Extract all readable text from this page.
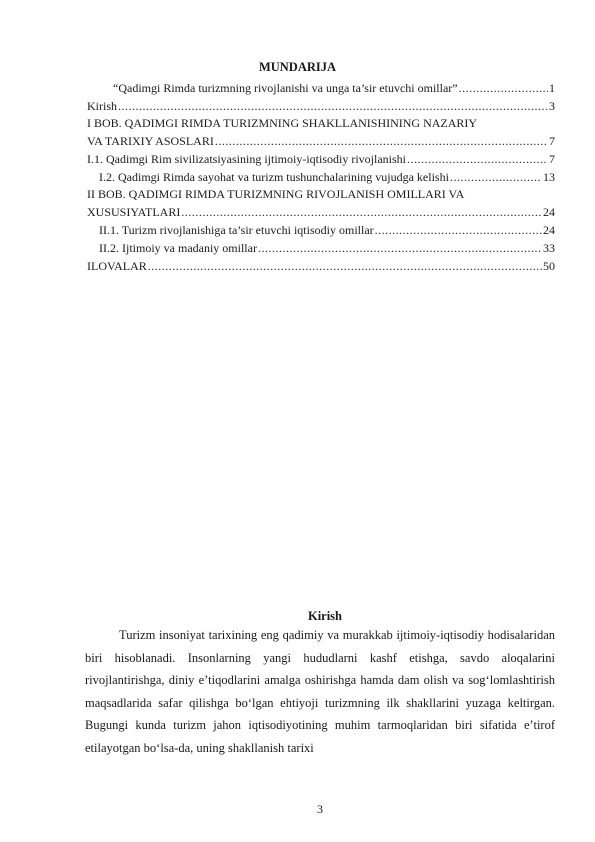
MUNDARIJA
“Qadimgi Rimda turizmning rivojlanishi va unga ta’sir etuvchi omillar” .....	1
Kirish .....	3
I BOB. QADIMGI RIMDA TURIZMNING SHAKLLANISHINING NAZARIY
VA TARIXIY ASOSLARI .....	7
I.1. Qadimgi Rim sivilizatsiyasining ijtimoiy-iqtisodiy rivojlanishi .....	7
I.2. Qadimgi Rimda sayohat va turizm tushunchalarining vujudga kelishi .....	13
II BOB. QADIMGI RIMDA TURIZMNING RIVOJLANISH OMILLARI VA
XUSUSIYATLARI .....	24
II.1. Turizm rivojlanishiga ta’sir etuvchi iqtisodiy omillar .....	24
II.2. Ijtimoiy va madaniy omillar .....	33
ILOVALAR .....	50
Kirish
Turizm insoniyat tarixining eng qadimiy va murakkab ijtimoiy-iqtisodiy hodisalaridan biri hisoblanadi. Insonlarning yangi hududlarni kashf etishga, savdo aloqalarini rivojlantirishga, diniy e’tiqodlarini amalga oshirishga hamda dam olish va sog‘lomlashtirish maqsadlarida safar qilishga bo‘lgan ehtiyoji turizmning ilk shakllarini yuzaga keltirgan. Bugungi kunda turizm jahon iqtisodiyotining muhim tarmoqlaridan biri sifatida e’tirof etilayotgan bo‘lsa-da, uning shakllanish tarixi
3
